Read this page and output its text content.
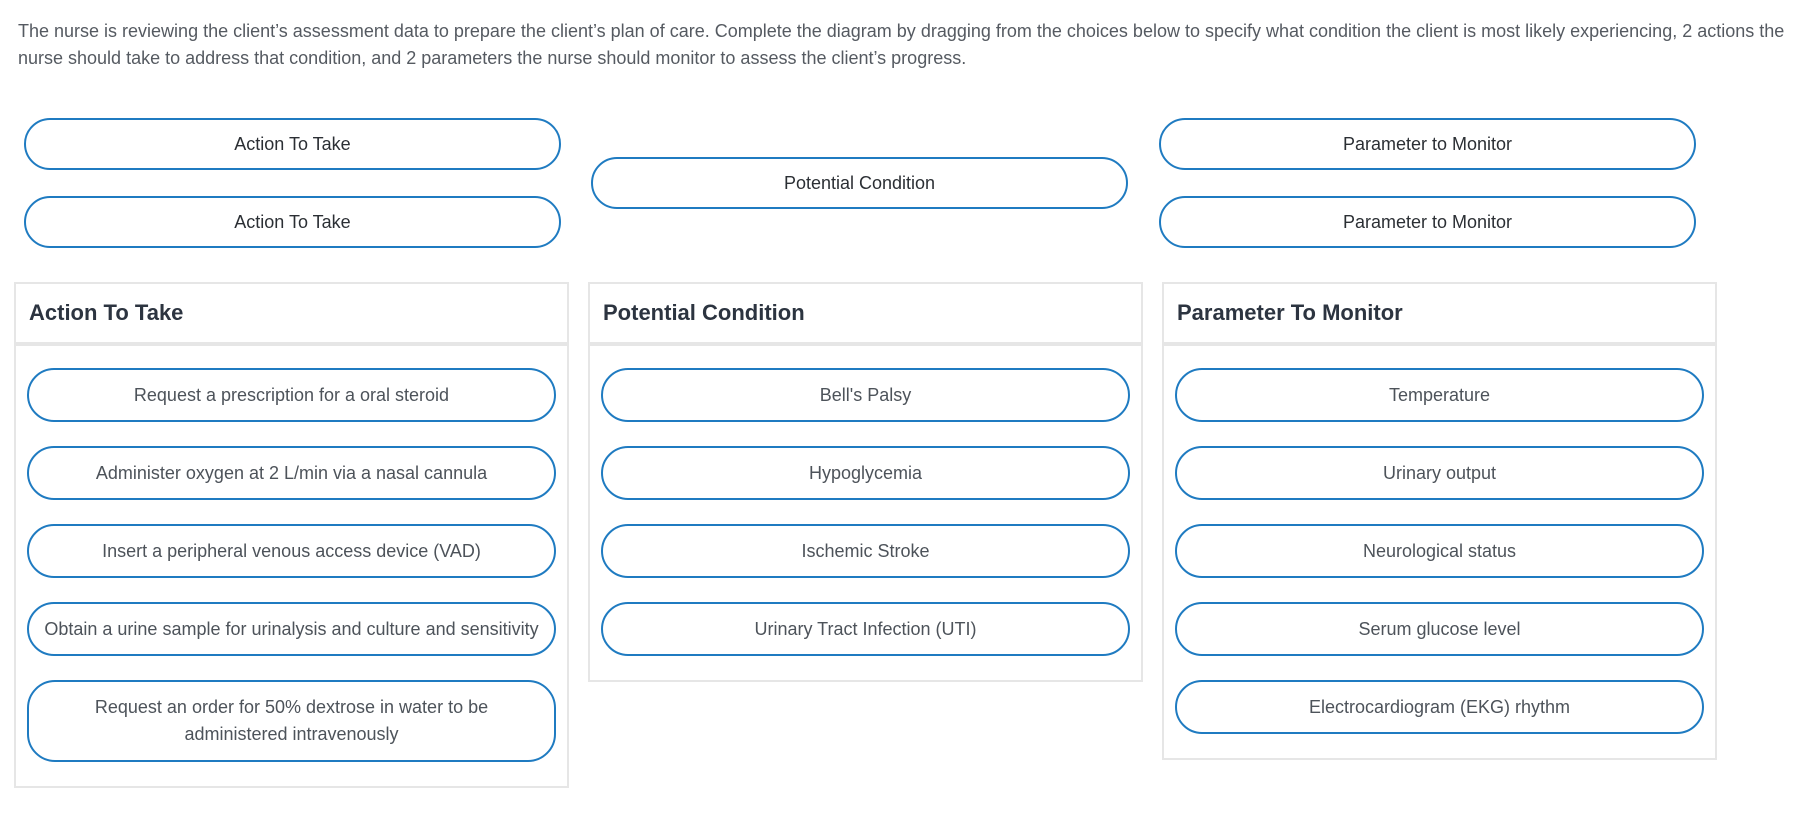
The nurse is reviewing the client’s assessment data to prepare the client’s plan of care. Complete the diagram by dragging from the choices below to specify what condition the client is most likely experiencing, 2 actions the nurse should take to address that condition, and 2 parameters the nurse should monitor to assess the client’s progress.
Action To Take
Action To Take
Potential Condition
Parameter to Monitor
Parameter to Monitor
Action To Take
Request a prescription for a oral steroid
Administer oxygen at 2 L/min via a nasal cannula
Insert a peripheral venous access device (VAD)
Obtain a urine sample for urinalysis and culture and sensitivity
Request an order for 50% dextrose in water to be administered intravenously
Potential Condition
Bell's Palsy
Hypoglycemia
Ischemic Stroke
Urinary Tract Infection (UTI)
Parameter To Monitor
Temperature
Urinary output
Neurological status
Serum glucose level
Electrocardiogram (EKG) rhythm
